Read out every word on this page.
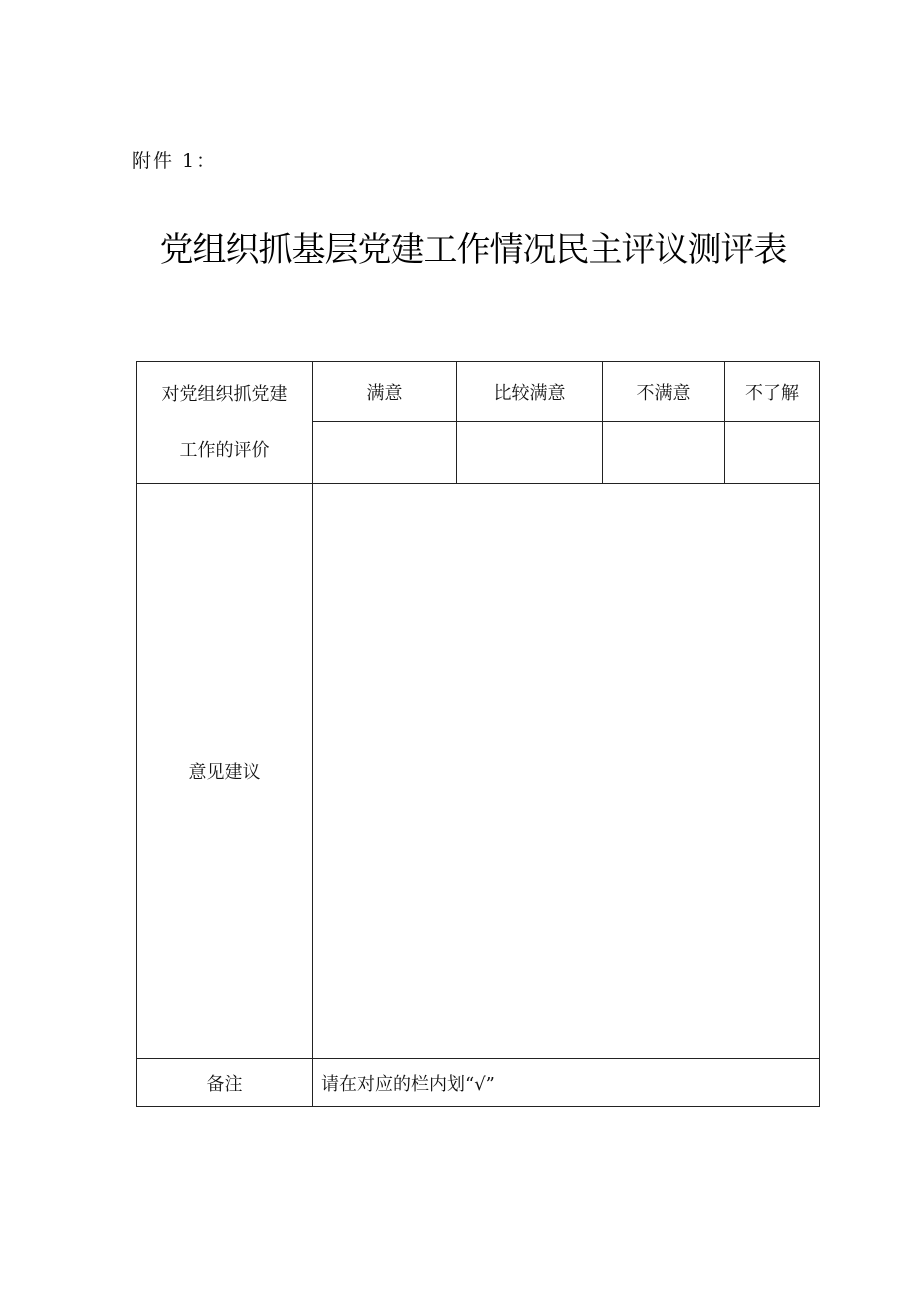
附件 1：
党组织抓基层党建工作情况民主评议测评表
对党组织抓党建
工作的评价	满意	比较满意	不满意	不了解

意见建议				
备注	请在对应的栏内划“√”			
